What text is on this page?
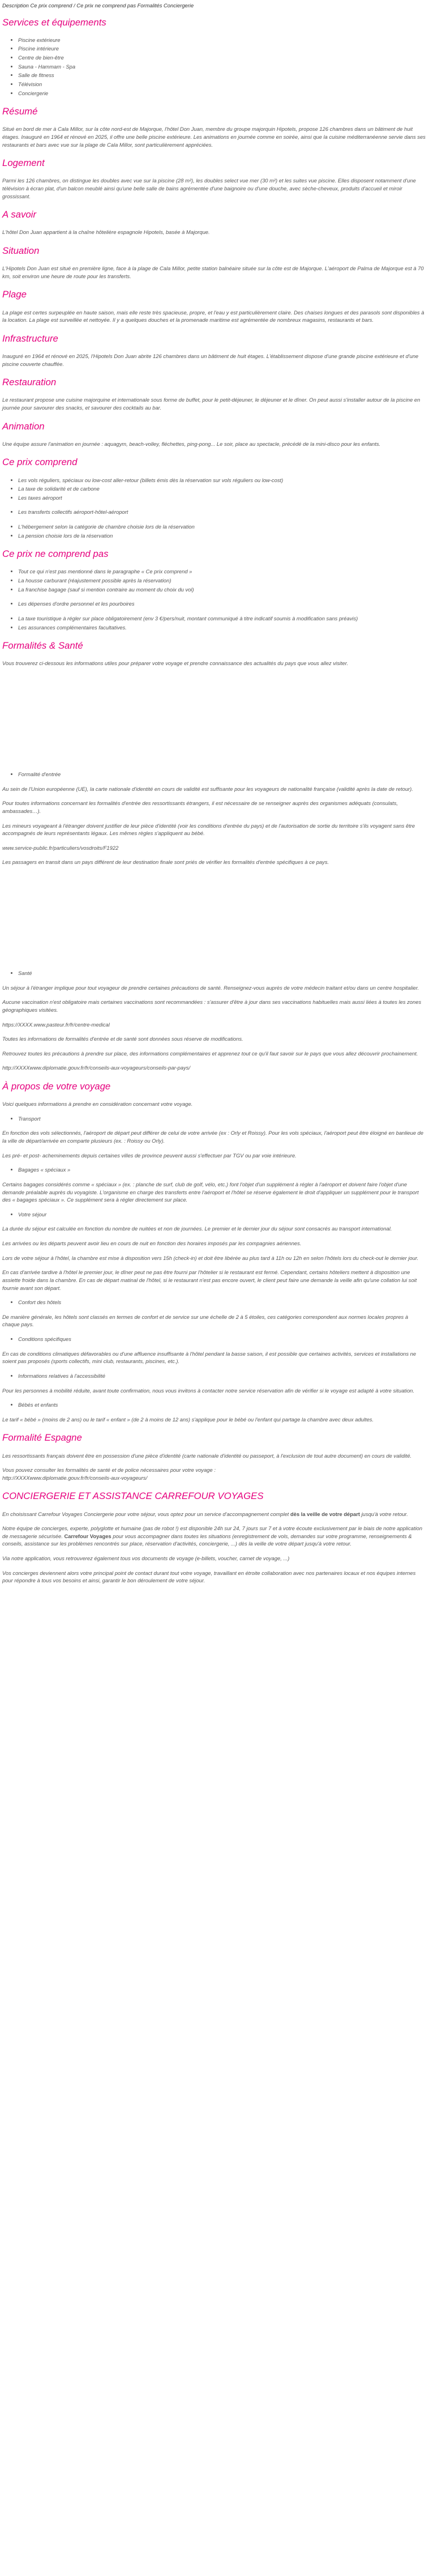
Description Ce prix comprend / Ce prix ne comprend pas Formalités Conciergerie
Services et équipements
• Piscine extérieure
• Piscine intérieure
• Centre de bien-être
• Sauna - Hammam - Spa
• Salle de fitness
• Télévision
• Conciergerie
Résumé

Situé en bord de mer à Cala Millor, sur la côte nord-est de Majorque, l'hôtel Don Juan, membre du groupe majorquin Hipotels, propose 126 chambres dans un bâtiment de huit étages. Inauguré en 1964 et rénové en 2025, il offre une belle piscine extérieure. Les animations en journée comme en soirée, ainsi que la cuisine méditerranéenne servie dans ses restaurants et bars avec vue sur la plage de Cala Millor, sont particulièrement appréciées.

Logement

Parmi les 126 chambres, on distingue les doubles avec vue sur la piscine (28 m²), les doubles select vue mer (30 m²) et les suites vue piscine. Elles disposent notamment d'une télévision à écran plat, d'un balcon meublé ainsi qu'une belle salle de bains agrémentée d'une baignoire ou d'une douche, avec sèche-cheveux, produits d'accueil et miroir grossissant.

A savoir

L'hôtel Don Juan appartient à la chaîne hôtelière espagnole Hipotels, basée à Majorque.

Situation

L'Hipotels Don Juan est situé en première ligne, face à la plage de Cala Millor, petite station balnéaire située sur la côte est de Majorque. L'aéroport de Palma de Majorque est à 70 km, soit environ une heure de route pour les transferts.

Plage

La plage est certes surpeuplée en haute saison, mais elle reste très spacieuse, propre, et l'eau y est particulièrement claire. Des chaises longues et des parasols sont disponibles à la location. La plage est surveillée et nettoyée. Il y a quelques douches et la promenade maritime est agrémentée de nombreux magasins, restaurants et bars.

Infrastructure

Inauguré en 1964 et rénové en 2025, l'Hipotels Don Juan abrite 126 chambres dans un bâtiment de huit étages. L'établissement dispose d'une grande piscine extérieure et d'une piscine couverte chauffée.

Restauration

Le restaurant propose une cuisine majorquine et internationale sous forme de buffet, pour le petit-déjeuner, le déjeuner et le dîner. On peut aussi s'installer autour de la piscine en journée pour savourer des snacks, et savourer des cocktails au bar.

Animation

Une équipe assure l'animation en journée : aquagym, beach-volley, fléchettes, ping-pong... Le soir, place au spectacle, précédé de la mini-disco pour les enfants.

Ce prix comprend
• Les vols réguliers, spéciaux ou low-cost aller-retour (billets émis dès la réservation sur vols réguliers ou low-cost)
• La taxe de solidarité et de carbone
• Les taxes aéroport
• Les transferts collectifs aéroport-hôtel-aéroport
• L'hébergement selon la catégorie de chambre choisie lors de la réservation
• La pension choisie lors de la réservation
Ce prix ne comprend pas
• Tout ce qui n'est pas mentionné dans le paragraphe « Ce prix comprend »
• La housse carburant (réajustement possible après la réservation)
• La franchise bagage (sauf si mention contraire au moment du choix du vol)
• Les dépenses d'ordre personnel et les pourboires
• La taxe touristique à régler sur place obligatoirement (env 3 €/pers/nuit, montant communiqué à titre indicatif soumis à modification sans préavis)
• Les assurances complémentaires facultatives.
Formalités & Santé

Vous trouverez ci-dessous les informations utiles pour préparer votre voyage et prendre connaissance des actualités du pays que vous allez visiter.

• Formalité d'entrée

Au sein de l'Union européenne (UE), la carte nationale d'identité en cours de validité est suffisante pour les voyageurs de nationalité française (validité après la date de retour).

Pour toutes informations concernant les formalités d'entrée des ressortissants étrangers, il est nécessaire de se renseigner auprès des organismes adéquats (consulats, ambassades…).

Les mineurs voyageant à l'étranger doivent justifier de leur pièce d'identité (voir les conditions d'entrée du pays) et de l'autorisation de sortie du territoire s'ils voyagent sans être accompagnés de leurs représentants légaux. Les mêmes règles s'appliquent au bébé.

www.service-public.fr/particuliers/vosdroits/F1922

Les passagers en transit dans un pays différent de leur destination finale sont priés de vérifier les formalités d'entrée spécifiques à ce pays.

• Santé

Un séjour à l'étranger implique pour tout voyageur de prendre certaines précautions de santé. Renseignez-vous auprès de votre médecin traitant et/ou dans un centre hospitalier.

Aucune vaccination n'est obligatoire mais certaines vaccinations sont recommandées : s'assurer d'être à jour dans ses vaccinations habituelles mais aussi liées à toutes les zones géographiques visitées.

https://XXXX.www.pasteur.fr/fr/centre-medical

Toutes les informations de formalités d'entrée et de santé sont données sous réserve de modifications.

Retrouvez toutes les précautions à prendre sur place, des informations complémentaires et apprenez tout ce qu'il faut savoir sur le pays que vous allez découvrir prochainement.

http://XXXXwww.diplomatie.gouv.fr/fr/conseils-aux-voyageurs/conseils-par-pays/

À propos de votre voyage

Voici quelques informations à prendre en considération concernant votre voyage.

• Transport

En fonction des vols sélectionnés, l'aéroport de départ peut différer de celui de votre arrivée (ex : Orly et Roissy). Pour les vols spéciaux, l'aéroport peut être éloigné en banlieue de la ville de départ/arrivée en comparte plusieurs (ex. : Roissy ou Orly).

Les pré- et post- acheminements depuis certaines villes de province peuvent aussi s'effectuer par TGV ou par voie intérieure.

• Bagages « spéciaux »

Certains bagages considérés comme « spéciaux » (ex. : planche de surf, club de golf, vélo, etc.) font l'objet d'un supplément à régler à l'aéroport et doivent faire l'objet d'une demande préalable auprès du voyagiste. L'organisme en charge des transferts entre l'aéroport et l'hôtel se réserve également le droit d'appliquer un supplément pour le transport des « bagages spéciaux ». Ce supplément sera à régler directement sur place.

• Votre séjour

La durée du séjour est calculée en fonction du nombre de nuitées et non de journées. Le premier et le dernier jour du séjour sont consacrés au transport international.

Les arrivées ou les départs peuvent avoir lieu en cours de nuit en fonction des horaires imposés par les compagnies aériennes.

Lors de votre séjour à l'hôtel, la chambre est mise à disposition vers 15h (check-in) et doit être libérée au plus tard à 11h ou 12h en selon l'hôtels lors du check-out le dernier jour.

En cas d'arrivée tardive à l'hôtel le premier jour, le dîner peut ne pas être fourni par l'hôtelier si le restaurant est fermé. Cependant, certains hôteliers mettent à disposition une assiette froide dans la chambre. En cas de départ matinal de l'hôtel, si le restaurant n'est pas encore ouvert, le client peut faire une demande la veille afin qu'une collation lui soit fournie avant son départ.

• Confort des hôtels

De manière générale, les hôtels sont classés en termes de confort et de service sur une échelle de 2 à 5 étoiles, ces catégories correspondent aux normes locales propres à chaque pays.

• Conditions spécifiques

En cas de conditions climatiques défavorables ou d'une affluence insuffisante à l'hôtel pendant la basse saison, il est possible que certaines activités, services et installations ne soient pas proposés (sports collectifs, mini club, restaurants, piscines, etc.).

• Informations relatives à l'accessibilité

Pour les personnes à mobilité réduite, avant toute confirmation, nous vous invitons à contacter notre service réservation afin de vérifier si le voyage est adapté à votre situation.

• Bébés et enfants

Le tarif « bébé » (moins de 2 ans) ou le tarif « enfant » (de 2 à moins de 12 ans) s'applique pour le bébé ou l'enfant qui partage la chambre avec deux adultes.

Formalité Espagne

Les ressortissants français doivent être en possession d'une pièce d'identité (carte nationale d'identité ou passeport, à l'exclusion de tout autre document) en cours de validité.

Vous pouvez consulter les formalités de santé et de police nécessaires pour votre voyage :
http://XXXXwww.diplomatie.gouv.fr/fr/conseils-aux-voyageurs/

CONCIERGERIE ET ASSISTANCE CARREFOUR VOYAGES

En choisissant Carrefour Voyages Conciergerie pour votre séjour, vous optez pour un service d'accompagnement complet dès la veille de votre départ jusqu'à votre retour.

Notre équipe de concierges, experte, polyglotte et humaine (pas de robot !) est disponible 24h sur 24, 7 jours sur 7 et à votre écoute exclusivement par le biais de notre application de messagerie sécurisée. Carrefour Voyages pour vous accompagner dans toutes les situations (enregistrement de vols, demandes sur votre programme, renseignements & conseils, assistance sur les problèmes rencontrés sur place, réservation d'activités, conciergerie, ...) dès la veille de votre départ jusqu'à votre retour.

Via notre application, vous retrouverez également tous vos documents de voyage (e-billets, voucher, carnet de voyage, ...)

Vos concierges deviennent alors votre principal point de contact durant tout votre voyage, travaillant en étroite collaboration avec nos partenaires locaux et nos équipes internes pour répondre à tous vos besoins et ainsi, garantir le bon déroulement de votre séjour.
